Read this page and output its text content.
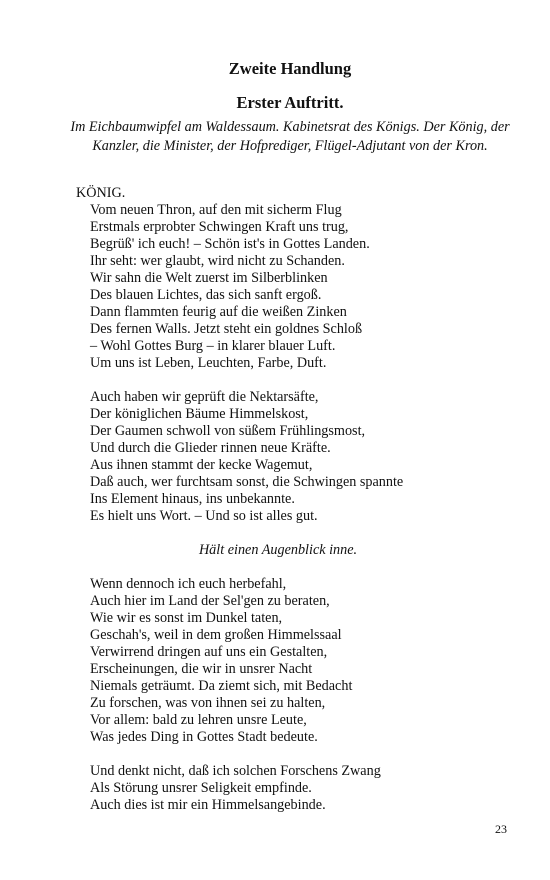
Zweite Handlung
Erster Auftritt.
Im Eichbaumwipfel am Waldessaum. Kabinetsrat des Königs. Der König, der Kanzler, die Minister, der Hofprediger, Flügel-Adjutant von der Kron.
KÖNIG.
Vom neuen Thron, auf den mit sicherm Flug
Erstmals erprobter Schwingen Kraft uns trug,
Begrüß' ich euch! – Schön ist's in Gottes Landen.
Ihr seht: wer glaubt, wird nicht zu Schanden.
Wir sahn die Welt zuerst im Silberblinken
Des blauen Lichtes, das sich sanft ergoß.
Dann flammten feurig auf die weißen Zinken
Des fernen Walls. Jetzt steht ein goldnes Schloß
– Wohl Gottes Burg – in klarer blauer Luft.
Um uns ist Leben, Leuchten, Farbe, Duft.
Auch haben wir geprüft die Nektarsäfte,
Der königlichen Bäume Himmelskost,
Der Gaumen schwoll von süßem Frühlingsmost,
Und durch die Glieder rinnen neue Kräfte.
Aus ihnen stammt der kecke Wagemut,
Daß auch, wer furchtsam sonst, die Schwingen spannte
Ins Element hinaus, ins unbekannte.
Es hielt uns Wort. – Und so ist alles gut.
Hält einen Augenblick inne.
Wenn dennoch ich euch herbefahl,
Auch hier im Land der Sel'gen zu beraten,
Wie wir es sonst im Dunkel taten,
Geschah's, weil in dem großen Himmelssaal
Verwirrend dringen auf uns ein Gestalten,
Erscheinungen, die wir in unsrer Nacht
Niemals geträumt. Da ziemt sich, mit Bedacht
Zu forschen, was von ihnen sei zu halten,
Vor allem: bald zu lehren unsre Leute,
Was jedes Ding in Gottes Stadt bedeute.
Und denkt nicht, daß ich solchen Forschens Zwang
Als Störung unsrer Seligkeit empfinde.
Auch dies ist mir ein Himmelsangebinde.
23
